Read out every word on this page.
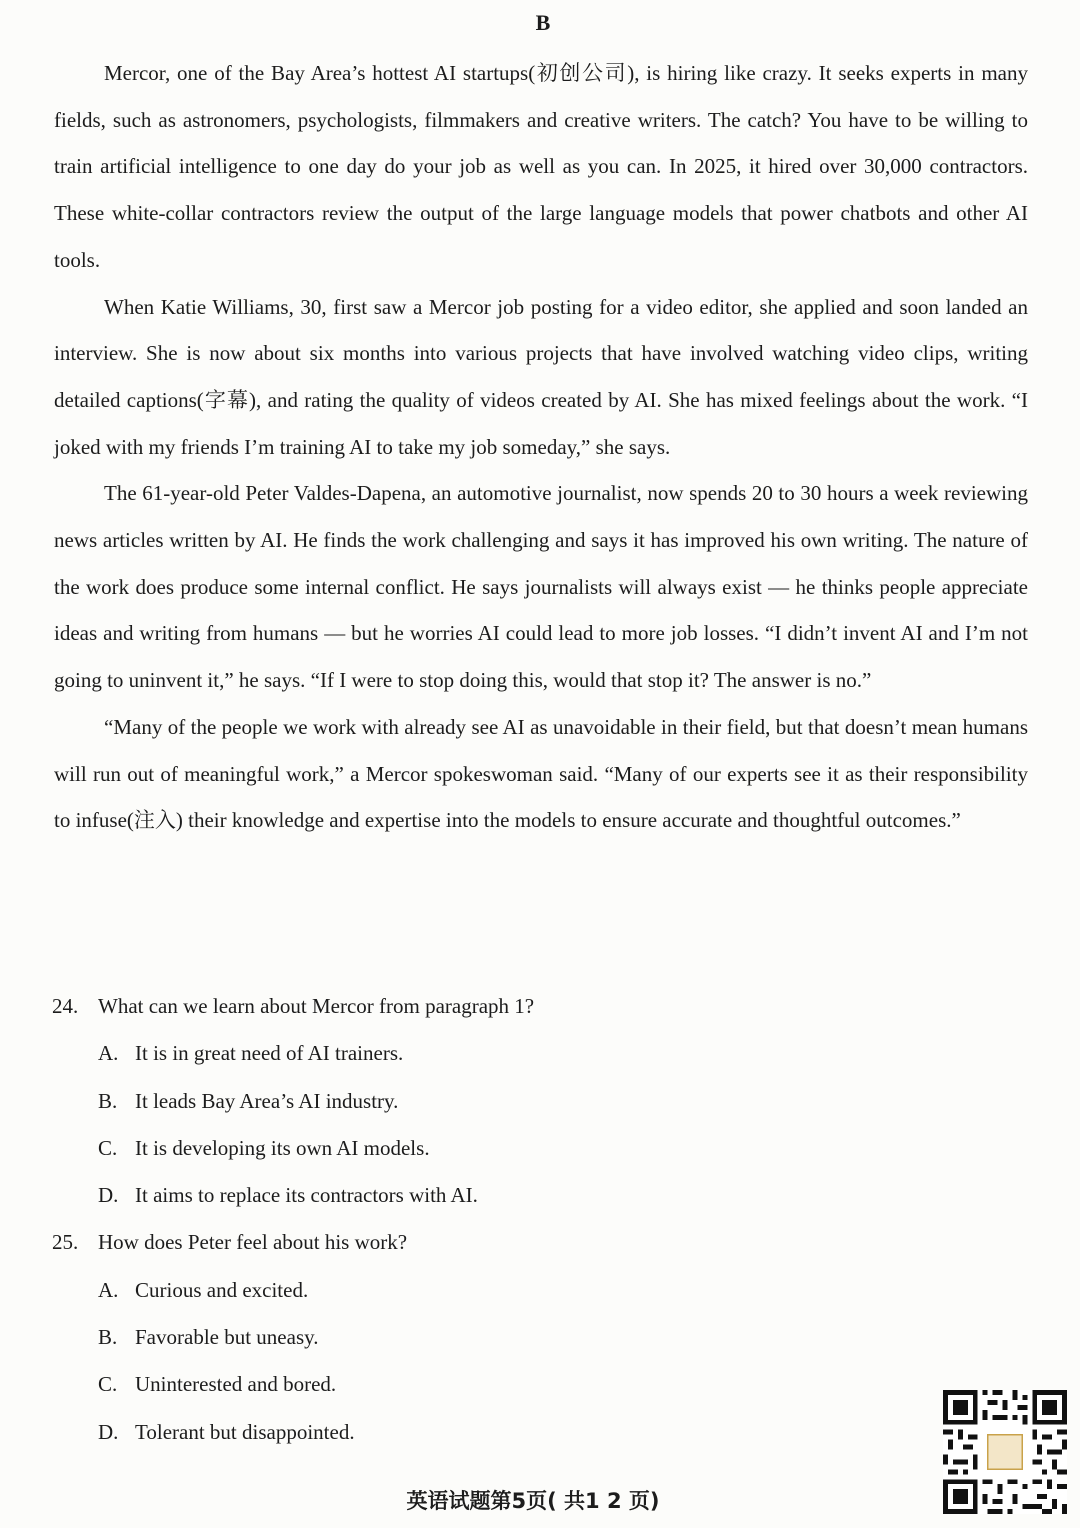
B

Mercor, one of the Bay Area’s hottest AI startups(初创公司), is hiring like crazy. It seeks experts in many fields, such as astronomers, psychologists, filmmakers and creative writers. The catch? You have to be willing to train artificial intelligence to one day do your job as well as you can. In 2025, it hired over 30,000 contractors. These white-collar contractors review the output of the large language models that power chatbots and other AI tools.

When Katie Williams, 30, first saw a Mercor job posting for a video editor, she applied and soon landed an interview. She is now about six months into various projects that have involved watching video clips, writing detailed captions(字幕), and rating the quality of videos created by AI. She has mixed feelings about the work. “I joked with my friends I’m training AI to take my job someday,” she says.

The 61-year-old Peter Valdes-Dapena, an automotive journalist, now spends 20 to 30 hours a week reviewing news articles written by AI. He finds the work challenging and says it has improved his own writing. The nature of the work does produce some internal conflict. He says journalists will always exist — he thinks people appreciate ideas and writing from humans — but he worries AI could lead to more job losses. “I didn’t invent AI and I’m not going to uninvent it,” he says. “If I were to stop doing this, would that stop it? The answer is no.”

“Many of the people we work with already see AI as unavoidable in their field, but that doesn’t mean humans will run out of meaningful work,” a Mercor spokeswoman said. “Many of our experts see it as their responsibility to infuse(注入) their knowledge and expertise into the models to ensure accurate and thoughtful outcomes.”

24. What can we learn about Mercor from paragraph 1?
A. It is in great need of AI trainers.
B. It leads Bay Area’s AI industry.
C. It is developing its own AI models.
D. It aims to replace its contractors with AI.
25. How does Peter feel about his work?
A. Curious and excited.
B. Favorable but uneasy.
C. Uninterested and bored.
D. Tolerant but disappointed.
英语试题第5页( 共1 2 页)
